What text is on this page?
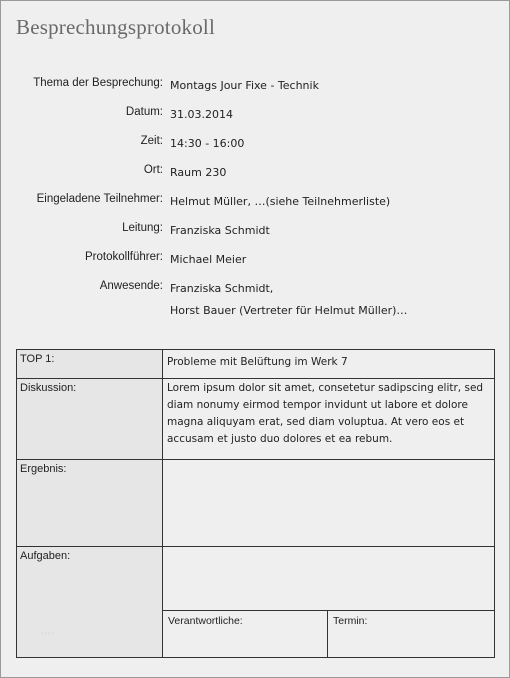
Besprechungsprotokoll
Thema der Besprechung: Montags Jour Fixe - Technik
Datum: 31.03.2014
Zeit: 14:30 - 16:00
Ort: Raum 230
Eingeladene Teilnehmer: Helmut Müller, …(siehe Teilnehmerliste)
Leitung: Franziska Schmidt
Protokollführer: Michael Meier
Anwesende: Franziska Schmidt,
Horst Bauer (Vertreter für Helmut Müller)…
TOP 1:	Probleme mit Belüftung im Werk 7
Diskussion:	Lorem ipsum dolor sit amet, consetetur sadipscing elitr, sed diam nonumy eirmod tempor invidunt ut labore et dolore magna aliquyam erat, sed diam voluptua. At vero eos et accusam et justo duo dolores et ea rebum.
Ergebnis:
Aufgaben:
Verantwortliche:	Termin:
▭▭
